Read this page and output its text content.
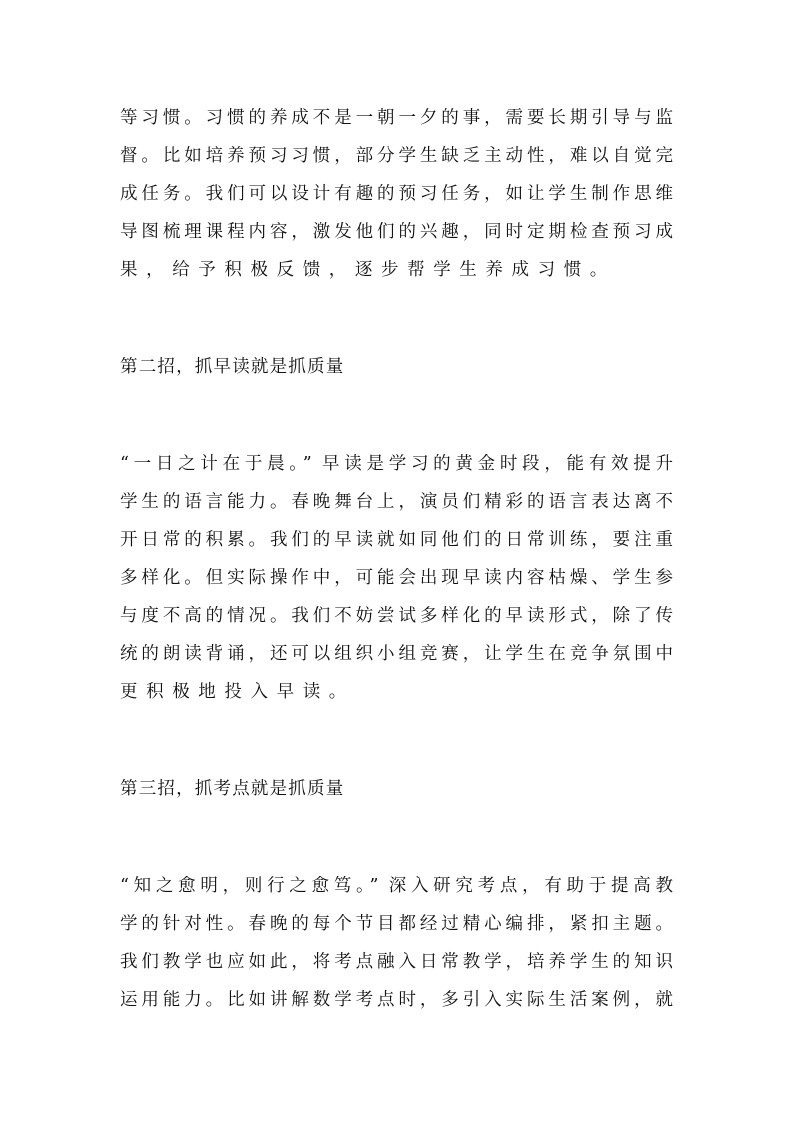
等习惯。习惯的养成不是一朝一夕的事，需要长期引导与监
督。比如培养预习习惯，部分学生缺乏主动性，难以自觉完
成任务。我们可以设计有趣的预习任务，如让学生制作思维
导图梳理课程内容，激发他们的兴趣，同时定期检查预习成
果，给予积极反馈，逐步帮学生养成习惯。
第二招，抓早读就是抓质量
“一日之计在于晨。” 早读是学习的黄金时段，能有效提升
学生的语言能力。春晚舞台上，演员们精彩的语言表达离不
开日常的积累。我们的早读就如同他们的日常训练，要注重
多样化。但实际操作中，可能会出现早读内容枯燥、学生参
与度不高的情况。我们不妨尝试多样化的早读形式，除了传
统的朗读背诵，还可以组织小组竞赛，让学生在竞争氛围中
更积极地投入早读。
第三招，抓考点就是抓质量
“知之愈明，则行之愈笃。” 深入研究考点，有助于提高教
学的针对性。春晚的每个节目都经过精心编排，紧扣主题。
我们教学也应如此，将考点融入日常教学，培养学生的知识
运用能力。比如讲解数学考点时，多引入实际生活案例，就
